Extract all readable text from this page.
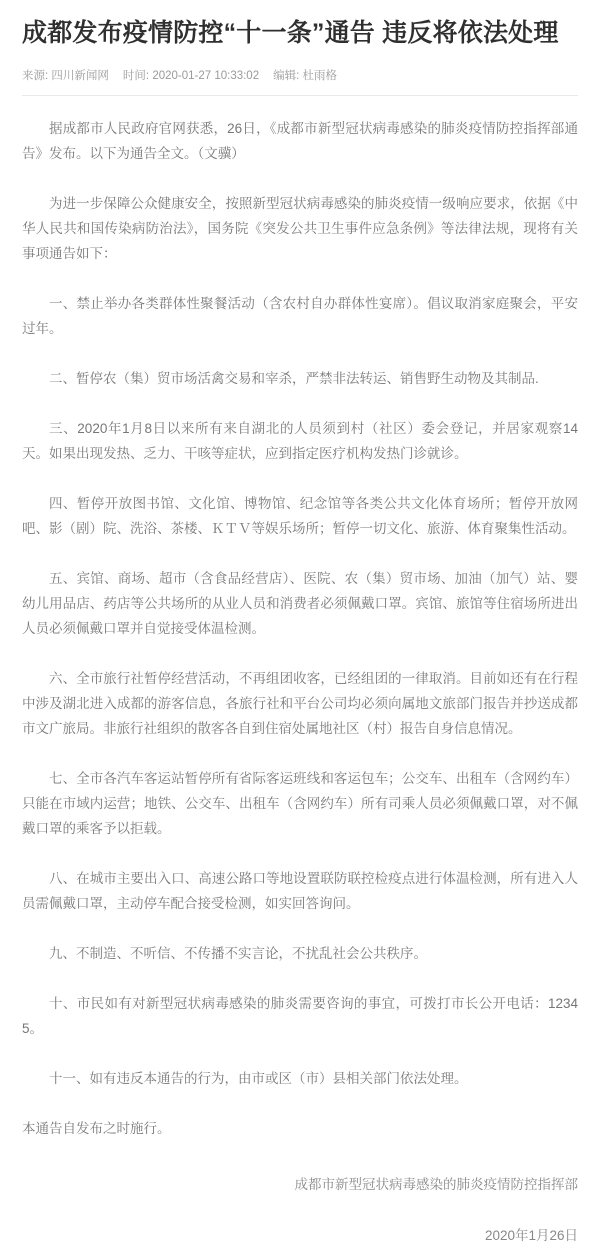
成都发布疫情防控“十一条”通告 违反将依法处理
来源: 四川新闻网 时间: 2020-01-27 10:33:02 编辑: 杜雨格

据成都市人民政府官网获悉，26日，《成都市新型冠状病毒感染的肺炎疫情防控指挥部通告》发布。以下为通告全文。（文骥）

为进一步保障公众健康安全，按照新型冠状病毒感染的肺炎疫情一级响应要求，依据《中华人民共和国传染病防治法》，国务院《突发公共卫生事件应急条例》等法律法规，现将有关事项通告如下：

一、禁止举办各类群体性聚餐活动（含农村自办群体性宴席）。倡议取消家庭聚会，平安过年。

二、暂停农（集）贸市场活禽交易和宰杀，严禁非法转运、销售野生动物及其制品.

三、2020年1月8日以来所有来自湖北的人员须到村（社区）委会登记，并居家观察14天。如果出现发热、乏力、干咳等症状，应到指定医疗机构发热门诊就诊。

四、暂停开放图书馆、文化馆、博物馆、纪念馆等各类公共文化体育场所；暂停开放网吧、影（剧）院、洗浴、茶楼、ＫＴＶ等娱乐场所；暂停一切文化、旅游、体育聚集性活动。

五、宾馆、商场、超市（含食品经营店）、医院、农（集）贸市场、加油（加气）站、婴幼儿用品店、药店等公共场所的从业人员和消费者必须佩戴口罩。宾馆、旅馆等住宿场所进出人员必须佩戴口罩并自觉接受体温检测。

六、全市旅行社暂停经营活动，不再组团收客，已经组团的一律取消。目前如还有在行程中涉及湖北进入成都的游客信息，各旅行社和平台公司均必须向属地文旅部门报告并抄送成都市文广旅局。非旅行社组织的散客各自到住宿处属地社区（村）报告自身信息情况。

七、全市各汽车客运站暂停所有省际客运班线和客运包车；公交车、出租车（含网约车）只能在市域内运营；地铁、公交车、出租车（含网约车）所有司乘人员必须佩戴口罩，对不佩戴口罩的乘客予以拒载。

八、在城市主要出入口、高速公路口等地设置联防联控检疫点进行体温检测，所有进入人员需佩戴口罩，主动停车配合接受检测，如实回答询问。

九、不制造、不听信、不传播不实言论，不扰乱社会公共秩序。

十、市民如有对新型冠状病毒感染的肺炎需要咨询的事宜，可拨打市长公开电话：12345。

十一、如有违反本通告的行为，由市或区（市）县相关部门依法处理。

本通告自发布之时施行。

成都市新型冠状病毒感染的肺炎疫情防控指挥部

2020年1月26日
